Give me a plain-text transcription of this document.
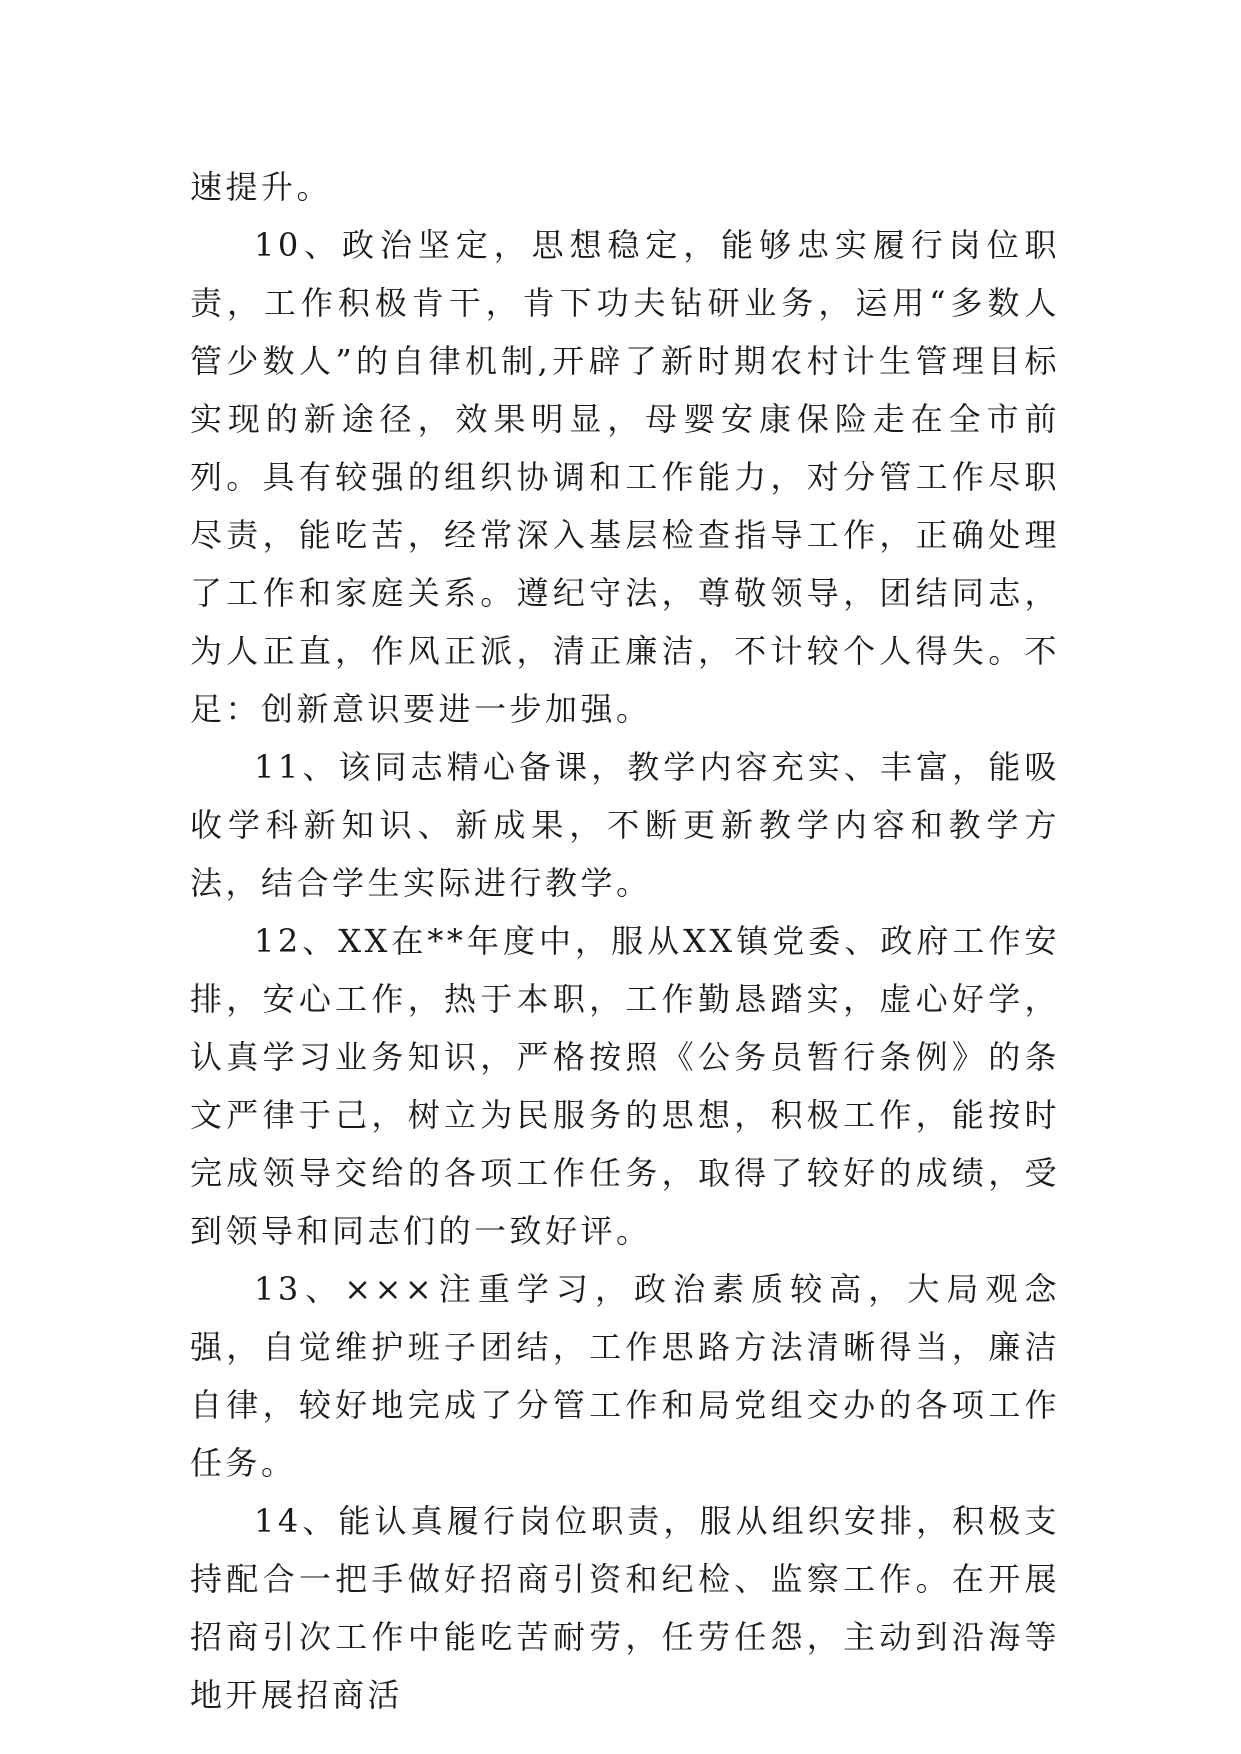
速提升。

10、政治坚定，思想稳定，能够忠实履行岗位职责，工作积极肯干，肯下功夫钻研业务，运用“多数人管少数人”的自律机制,开辟了新时期农村计生管理目标实现的新途径，效果明显，母婴安康保险走在全市前列。具有较强的组织协调和工作能力，对分管工作尽职尽责，能吃苦，经常深入基层检查指导工作，正确处理了工作和家庭关系。遵纪守法，尊敬领导，团结同志，为人正直，作风正派，清正廉洁，不计较个人得失。不足：创新意识要进一步加强。

11、该同志精心备课，教学内容充实、丰富，能吸收学科新知识、新成果，不断更新教学内容和教学方法，结合学生实际进行教学。

12、XX在**年度中，服从XX镇党委、政府工作安排，安心工作，热于本职，工作勤恳踏实，虚心好学，认真学习业务知识，严格按照《公务员暂行条例》的条文严律于己，树立为民服务的思想，积极工作，能按时完成领导交给的各项工作任务，取得了较好的成绩，受到领导和同志们的一致好评。

13、×××注重学习，政治素质较高，大局观念强，自觉维护班子团结，工作思路方法清晰得当，廉洁自律，较好地完成了分管工作和局党组交办的各项工作任务。

14、能认真履行岗位职责，服从组织安排，积极支持配合一把手做好招商引资和纪检、监察工作。在开展招商引次工作中能吃苦耐劳，任劳任怨，主动到沿海等地开展招商活
